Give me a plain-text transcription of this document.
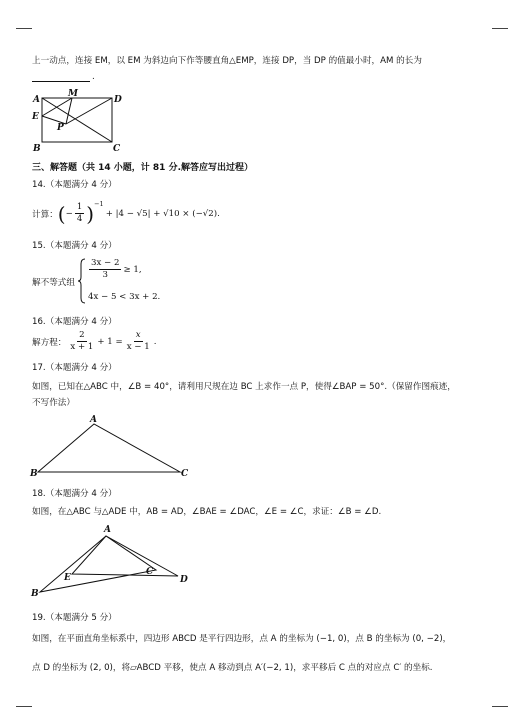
上一动点，连接 EM，以 EM 为斜边向下作等腰直角△EMP，连接 DP，当 DP 的值最小时，AM 的长为
.
A
M
D
E
P
B	C
三、解答题（共 14 小题，计 81 分.解答应写出过程）
14.（本题满分 4 分）
计算： ( − $\frac{1}{4}$ ) −1
+ |4 − √5| + √10 × (−√2).
15.（本题满分 4 分）
解不等式组
$\frac{3x - 2}{3} \ge 1$,
4x − 5 < 3x + 2.
16.（本题满分 4 分）
解方程： $\frac{2}{x + 1} + 1 = \frac{x}{x - 1}$ .
17.（本题满分 4 分）
如图，已知在△ABC 中，∠B = 40°，请利用尺规在边 BC 上求作一点 P，使得∠BAP = 50°.（保留作图痕迹，
不写作法）
A
B	C
18.（本题满分 4 分）
如图，在△ABC 与△ADE 中，AB = AD，∠BAE = ∠DAC，∠E = ∠C，求证：∠B = ∠D.
A
E
C
D
B
19.（本题满分 5 分）
如图，在平面直角坐标系中，四边形 ABCD 是平行四边形，点 A 的坐标为 (−1, 0)，点 B 的坐标为 (0, −2)，
点 D 的坐标为 (2, 0)，将▱ABCD 平移，使点 A 移动到点 A′(−2, 1)，求平移后 C 点的对应点 C′ 的坐标.
